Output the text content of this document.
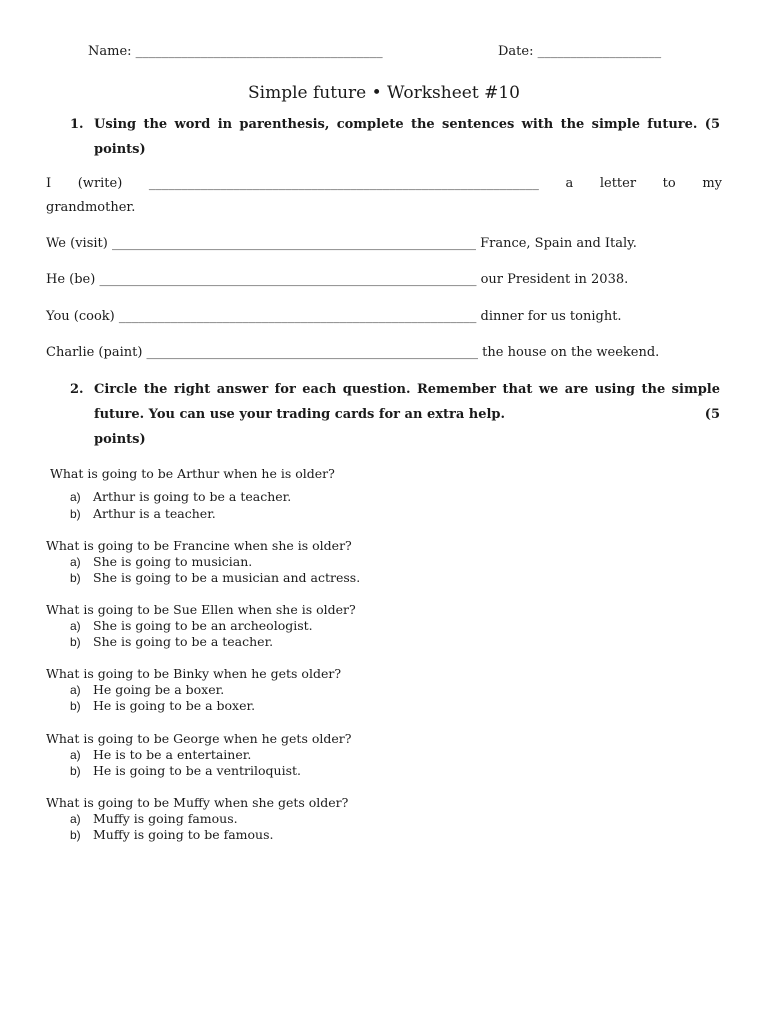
Name: ______________________________________	Date: ___________________
Simple future • Worksheet #10
1. Using the word in parenthesis, complete the sentences with the simple future. (5
points)
I (write) ____________________________________________________________ a letter to my
grandmother.
We (visit) ________________________________________________________ France, Spain and Italy.
He (be) __________________________________________________________ our President in 2038.
You (cook) _______________________________________________________ dinner for us tonight.
Charlie (paint) ___________________________________________________ the house on the weekend.
2. Circle the right answer for each question. Remember that we are using the simple
future. You can use your trading cards for an extra help.	(5
points)
What is going to be Arthur when he is older?
a) Arthur is going to be a teacher.
b) Arthur is a teacher.
What is going to be Francine when she is older?
a) She is going to musician.
b) She is going to be a musician and actress.
What is going to be Sue Ellen when she is older?
a) She is going to be an archeologist.
b) She is going to be a teacher.
What is going to be Binky when he gets older?
a) He going be a boxer.
b) He is going to be a boxer.
What is going to be George when he gets older?
a) He is to be a entertainer.
b) He is going to be a ventriloquist.
What is going to be Muffy when she gets older?
a) Muffy is going famous.
b) Muffy is going to be famous.
